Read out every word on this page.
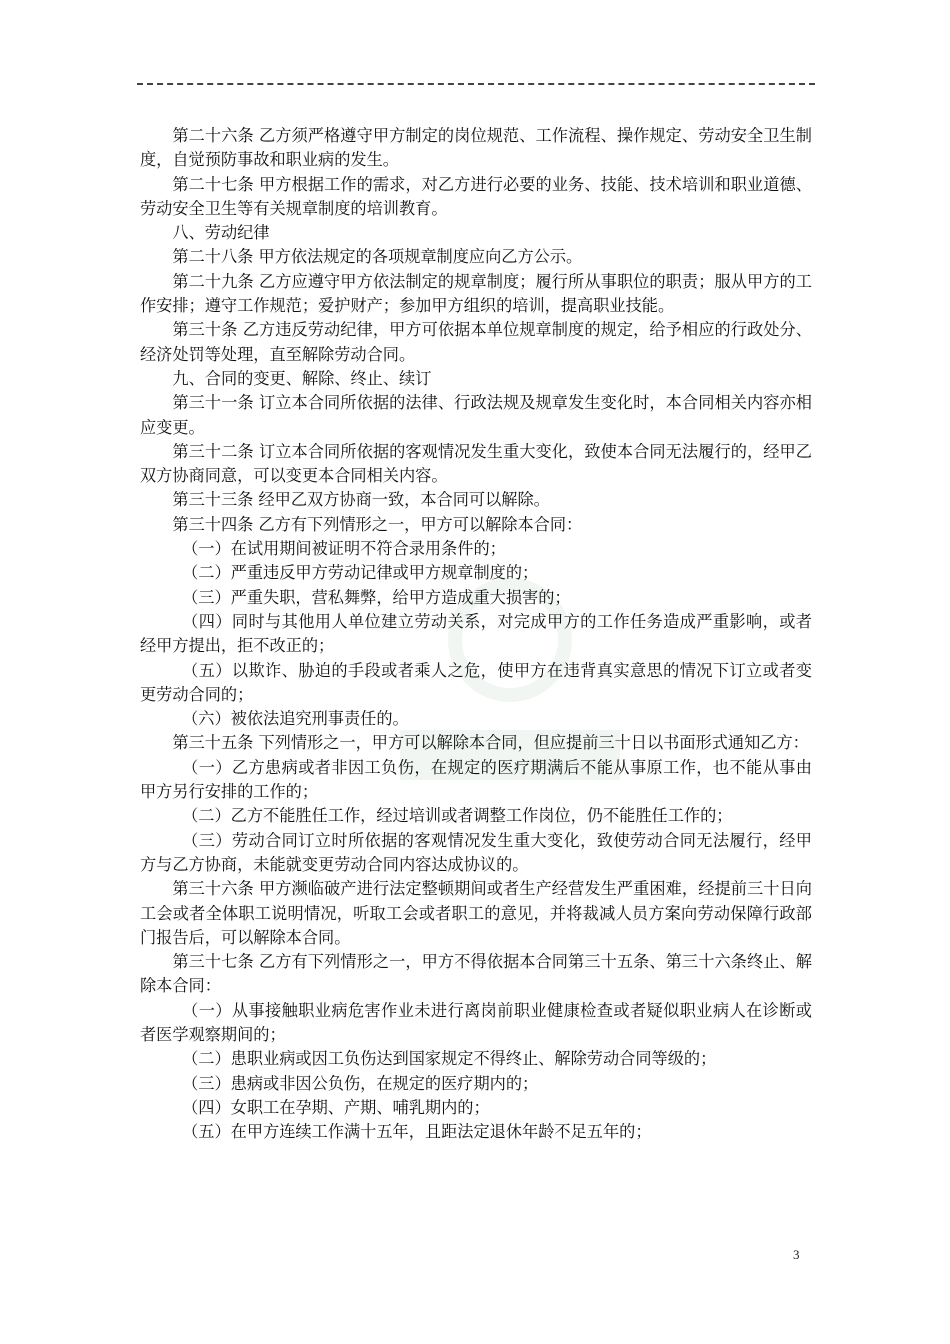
第二十六条 乙方须严格遵守甲方制定的岗位规范、工作流程、操作规定、劳动安全卫生制度，自觉预防事故和职业病的发生。

第二十七条 甲方根据工作的需求，对乙方进行必要的业务、技能、技术培训和职业道德、劳动安全卫生等有关规章制度的培训教育。

八、劳动纪律

第二十八条 甲方依法规定的各项规章制度应向乙方公示。

第二十九条 乙方应遵守甲方依法制定的规章制度；履行所从事职位的职责；服从甲方的工作安排；遵守工作规范；爱护财产；参加甲方组织的培训，提高职业技能。

第三十条 乙方违反劳动纪律，甲方可依据本单位规章制度的规定，给予相应的行政处分、经济处罚等处理，直至解除劳动合同。

九、合同的变更、解除、终止、续订

第三十一条 订立本合同所依据的法律、行政法规及规章发生变化时，本合同相关内容亦相应变更。

第三十二条 订立本合同所依据的客观情况发生重大变化，致使本合同无法履行的，经甲乙双方协商同意，可以变更本合同相关内容。

第三十三条 经甲乙双方协商一致，本合同可以解除。

第三十四条 乙方有下列情形之一，甲方可以解除本合同：

（一）在试用期间被证明不符合录用条件的；

（二）严重违反甲方劳动记律或甲方规章制度的；

（三）严重失职，营私舞弊，给甲方造成重大损害的；

（四）同时与其他用人单位建立劳动关系，对完成甲方的工作任务造成严重影响，或者经甲方提出，拒不改正的；

（五）以欺诈、胁迫的手段或者乘人之危，使甲方在违背真实意思的情况下订立或者变更劳动合同的；

（六）被依法追究刑事责任的。

第三十五条 下列情形之一，甲方可以解除本合同，但应提前三十日以书面形式通知乙方：

（一）乙方患病或者非因工负伤，在规定的医疗期满后不能从事原工作，也不能从事由甲方另行安排的工作的；

（二）乙方不能胜任工作，经过培训或者调整工作岗位，仍不能胜任工作的；

（三）劳动合同订立时所依据的客观情况发生重大变化，致使劳动合同无法履行，经甲方与乙方协商，未能就变更劳动合同内容达成协议的。

第三十六条 甲方濒临破产进行法定整顿期间或者生产经营发生严重困难，经提前三十日向工会或者全体职工说明情况，听取工会或者职工的意见，并将裁减人员方案向劳动保障行政部门报告后，可以解除本合同。

第三十七条 乙方有下列情形之一，甲方不得依据本合同第三十五条、第三十六条终止、解除本合同：

（一）从事接触职业病危害作业未进行离岗前职业健康检查或者疑似职业病人在诊断或者医学观察期间的；

（二）患职业病或因工负伤达到国家规定不得终止、解除劳动合同等级的；

（三）患病或非因公负伤，在规定的医疗期内的；

（四）女职工在孕期、产期、哺乳期内的；

（五）在甲方连续工作满十五年，且距法定退休年龄不足五年的；

3
